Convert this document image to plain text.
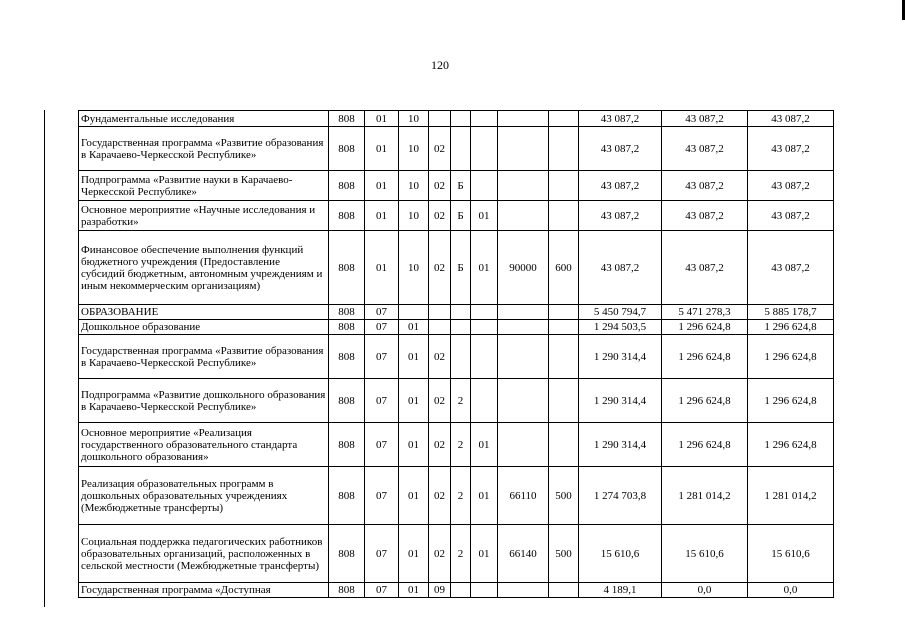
120
Фундаментальные исследования	808	01	10						43 087,2	43 087,2	43 087,2
Государственная программа «Развитие образования в Карачаево-Черкесской Республике»	808	01	10	02					43 087,2	43 087,2	43 087,2
Подпрограмма «Развитие науки в Карачаево-Черкесской Республике»	808	01	10	02	Б				43 087,2	43 087,2	43 087,2
Основное мероприятие «Научные исследования и разработки»	808	01	10	02	Б	01			43 087,2	43 087,2	43 087,2
Финансовое обеспечение выполнения функций бюджетного учреждения (Предоставление субсидий бюджетным, автономным учреждениям и иным некоммерческим организациям)	808	01	10	02	Б	01	90000	600	43 087,2	43 087,2	43 087,2
ОБРАЗОВАНИЕ	808	07							5 450 794,7	5 471 278,3	5 885 178,7
Дошкольное образование	808	07	01						1 294 503,5	1 296 624,8	1 296 624,8
Государственная программа «Развитие образования в Карачаево-Черкесской Республике»	808	07	01	02					1 290 314,4	1 296 624,8	1 296 624,8
Подпрограмма «Развитие дошкольного образования в Карачаево-Черкесской Республике»	808	07	01	02	2				1 290 314,4	1 296 624,8	1 296 624,8
Основное мероприятие «Реализация государственного образовательного стандарта дошкольного образования»	808	07	01	02	2	01			1 290 314,4	1 296 624,8	1 296 624,8
Реализация образовательных программ в дошкольных образовательных учреждениях (Межбюджетные трансферты)	808	07	01	02	2	01	66110	500	1 274 703,8	1 281 014,2	1 281 014,2
Социальная поддержка педагогических работников образовательных организаций, расположенных в сельской местности (Межбюджетные трансферты)	808	07	01	02	2	01	66140	500	15 610,6	15 610,6	15 610,6
Государственная программа «Доступная	808	07	01	09					4 189,1	0,0	0,0
